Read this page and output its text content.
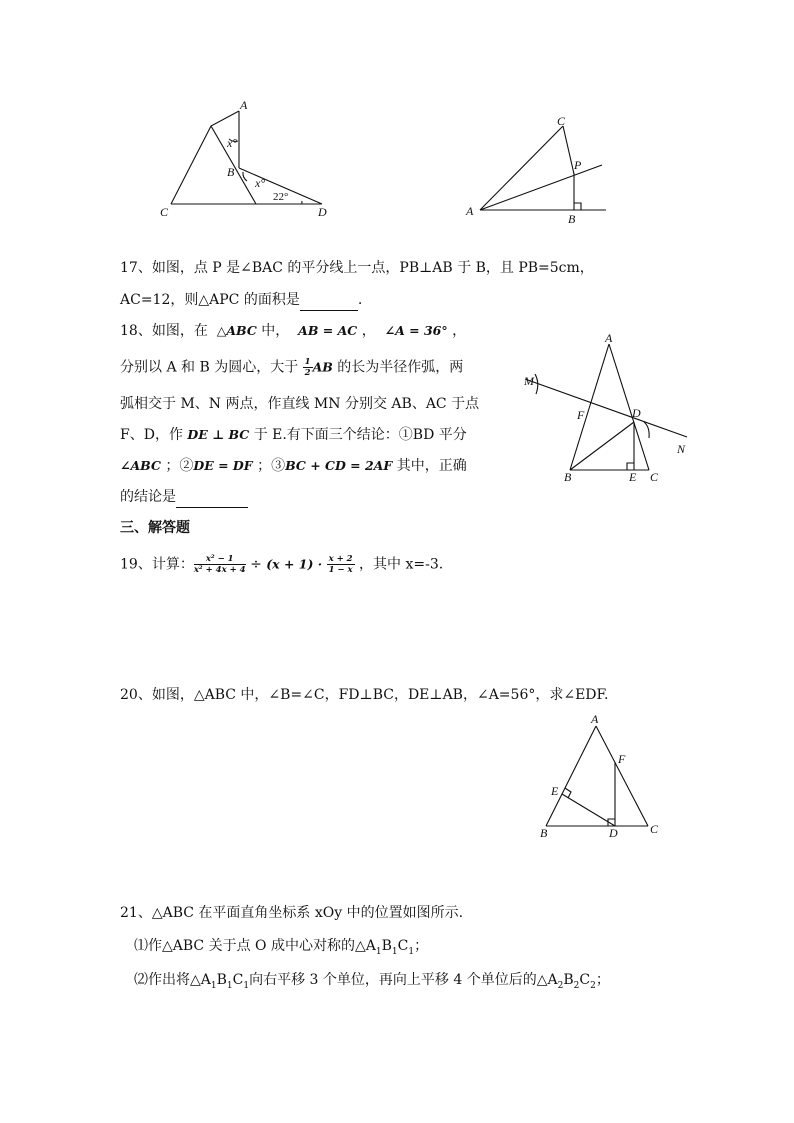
A
B
C	D
x°
x°
22°
C
P
A
B
17、如图，点 P 是∠BAC 的平分线上一点，PB⊥AB 于 B，且 PB=5cm，
AC=12，则△APC 的面积是	.
A
M
F	D
N
B	E C
18、如图，在 △ABC 中， AB = AC ， ∠A = 36° ，
分别以 A 和 B 为圆心，大于 $\frac{1}{2}$ AB 的长为半径作弧，两
弧相交于 M、N 两点，作直线 MN 分别交 AB、AC 于点
F、D，作 DE ⊥ BC 于 E.有下面三个结论：①BD 平分
∠ABC ；②DE = DF ；③BC + CD = 2AF 其中，正确
的结论是
三、解答题
19、计算： $\frac{\text{x² − 1}}{\text{x² + 4x + 4}} \div (x + 1) \cdot \frac{x + 2}{1 - x}$ ，其中 x=-3.
20、如图，△ABC 中，∠B=∠C，FD⊥BC，DE⊥AB，∠A=56°，求∠EDF.
A
F
E
B	D	C
21、△ABC 在平面直角坐标系 xOy 中的位置如图所示.
⑴作△ABC 关于点 O 成中心对称的$\triangle A_1B_1C_1$；
⑵作出将$\triangle A_1B_1C_1$向右平移 3 个单位，再向上平移 4 个单位后的$\triangle A_2B_2C_2$；
